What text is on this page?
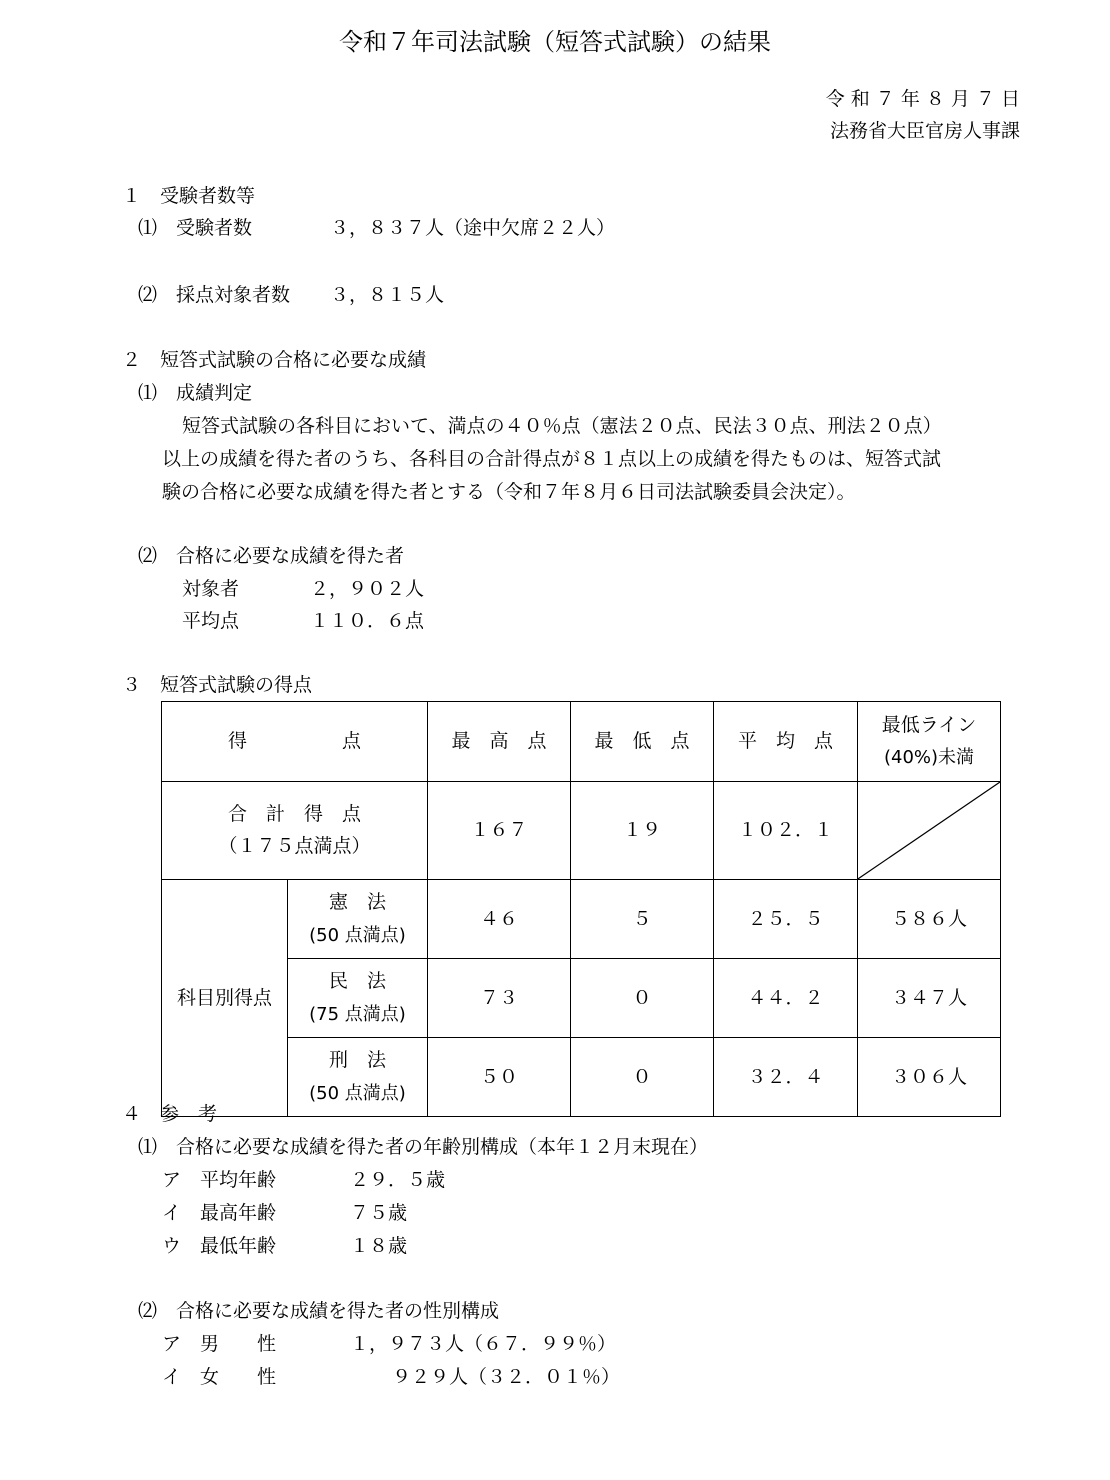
令和７年司法試験（短答式試験）の結果
令 和 ７ 年 ８ 月 ７ 日
法務省大臣官房人事課
１　受験者数等
⑴　受験者数	３，８３７人（途中欠席２２人）
⑵　採点対象者数 ３，８１５人
２　短答式試験の合格に必要な成績
⑴　成績判定
短答式試験の各科目において、満点の４０％点（憲法２０点、民法３０点、刑法２０点）
以上の成績を得た者のうち、各科目の合計得点が８１点以上の成績を得たものは、短答式試
験の合格に必要な成績を得た者とする（令和７年８月６日司法試験委員会決定）。
⑵　合格に必要な成績を得た者
対象者	２，９０２人
平均点	１１０．６点
３　短答式試験の得点
得　　　　　点		最　高　点	最　低　点	平　均　点	最低ライン
(40%)未満
合　計　得　点
（１７５点満点）		１６７	１９	１０２．１	

科目別得点	憲　法
(50 点満点)	４６	５	２５．５	５８６人
	民　法
(75 点満点)	７３	０	４４．２	３４７人
	刑　法
(50 点満点)	５０	０	３２．４	３０６人
４　参　考
⑴　合格に必要な成績を得た者の年齢別構成（本年１２月末現在）
ア　平均年齢	２９．５歳
イ　最高年齢	７５歳
ウ　最低年齢	１８歳
⑵　合格に必要な成績を得た者の性別構成
ア　男　　性	１，９７３人（６７．９９％）
イ　女　　性	９２９人（３２．０１％）
